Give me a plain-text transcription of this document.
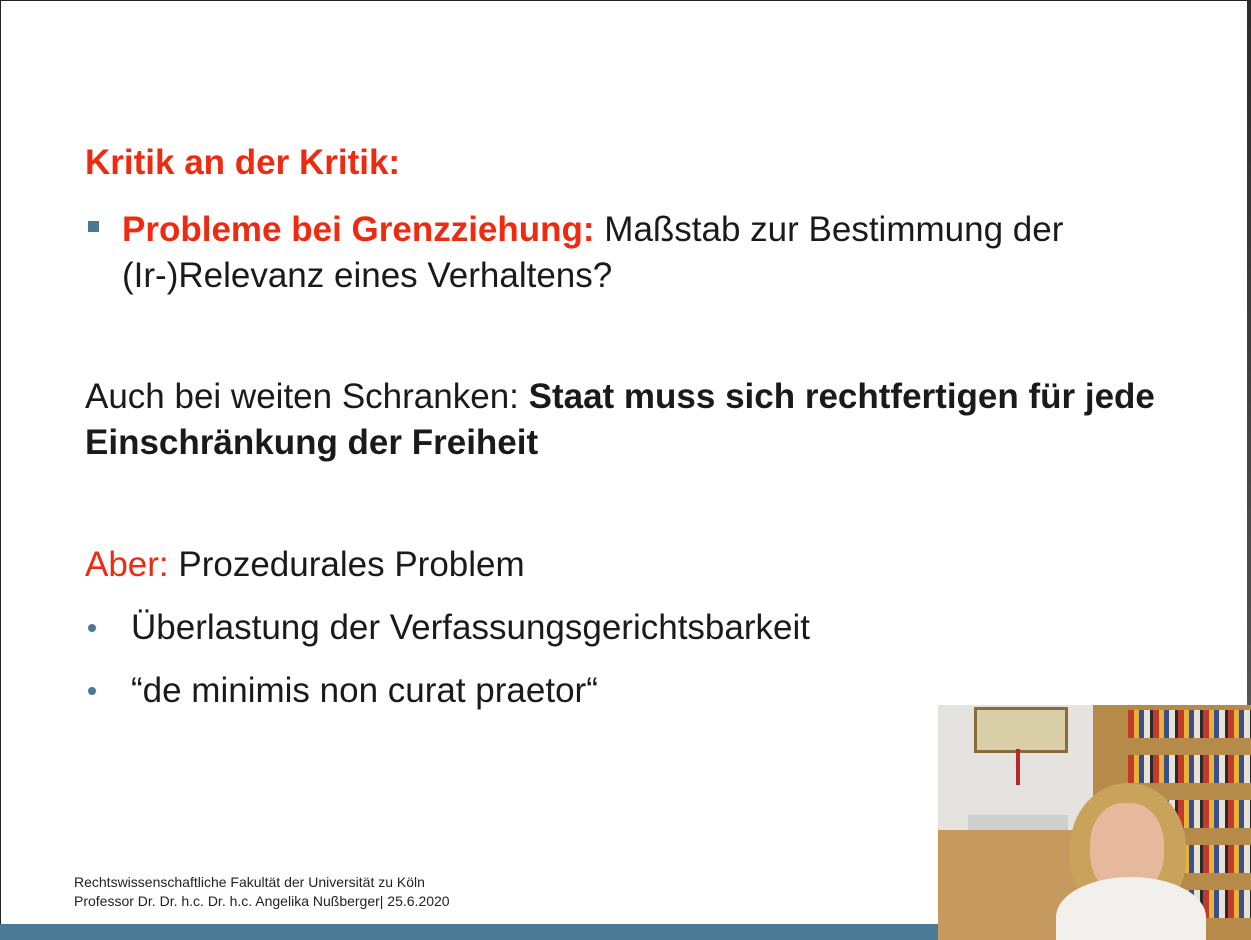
Kritik an der Kritik:
Probleme bei Grenzziehung: Maßstab zur Bestimmung der (Ir-)Relevanz eines Verhaltens?
Auch bei weiten Schranken: Staat muss sich rechtfertigen für jede Einschränkung der Freiheit
Aber: Prozedurales Problem
Überlastung der Verfassungsgerichtsbarkeit
“de minimis non curat praetor“
Rechtswissenschaftliche Fakultät der Universität zu Köln
Professor Dr. Dr. h.c. Dr. h.c. Angelika Nußberger| 25.6.2020
